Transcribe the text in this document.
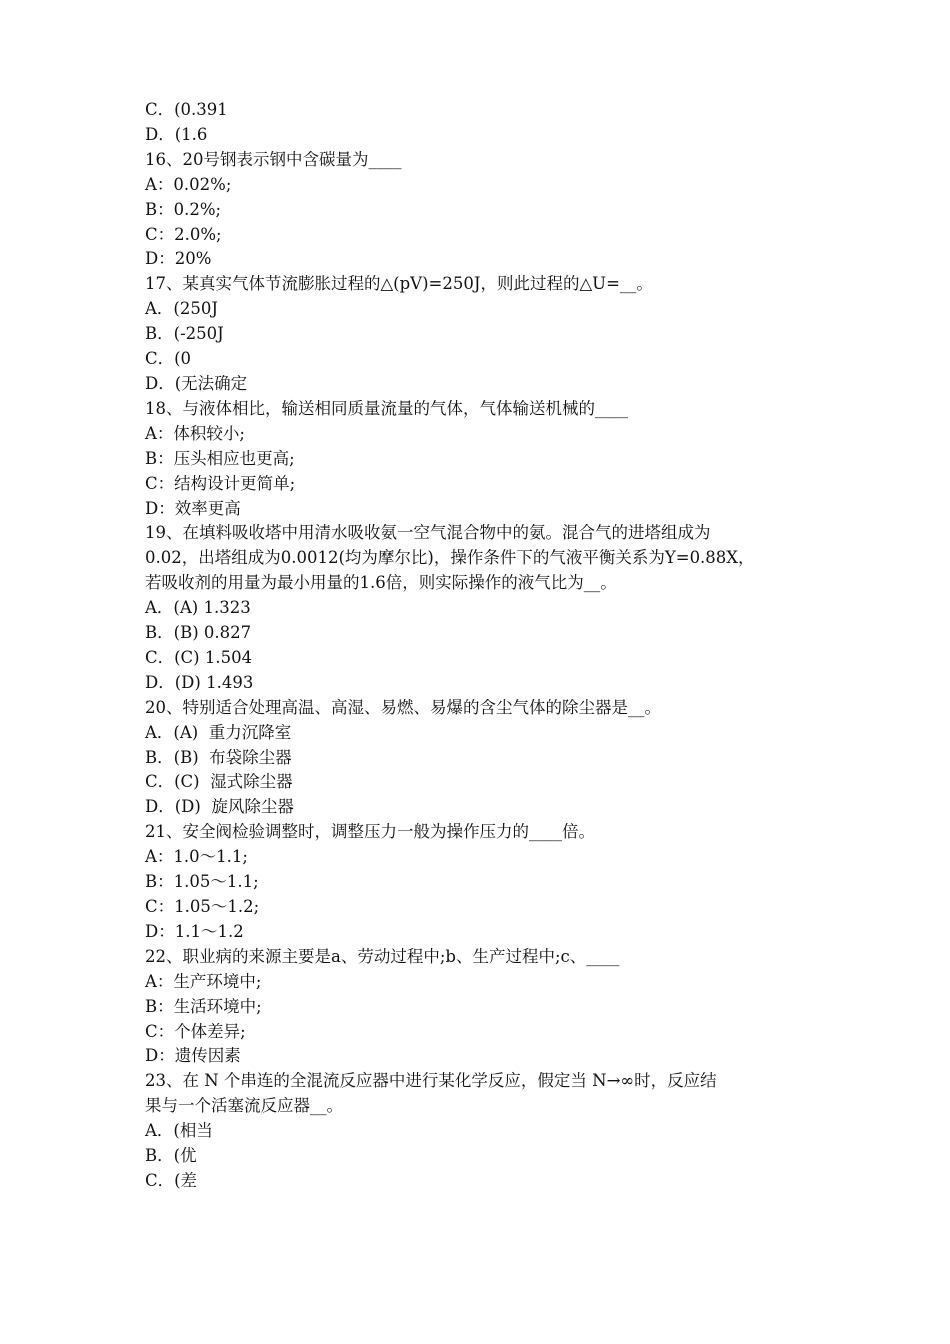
C．(0.391
D．(1.6
16、20号钢表示钢中含碳量为____
A：0.02%;
B：0.2%;
C：2.0%;
D：20%
17、某真实气体节流膨胀过程的△(pV)=250J，则此过程的△U=__。
A．(250J
B．(-250J
C．(0
D．(无法确定
18、与液体相比，输送相同质量流量的气体，气体输送机械的____
A：体积较小;
B：压头相应也更高;
C：结构设计更简单;
D：效率更高
19、在填料吸收塔中用清水吸收氨一空气混合物中的氨。混合气的进塔组成为
0.02，出塔组成为0.0012(均为摩尔比)，操作条件下的气液平衡关系为Y=0.88X，
若吸收剂的用量为最小用量的1.6倍，则实际操作的液气比为__。
A．(A) 1.323
B．(B) 0.827
C．(C) 1.504
D．(D) 1.493
20、特别适合处理高温、高湿、易燃、易爆的含尘气体的除尘器是__。
A．(A)  重力沉降室
B．(B)  布袋除尘器
C．(C)  湿式除尘器
D．(D)  旋风除尘器
21、安全阀检验调整时，调整压力一般为操作压力的____倍。
A：1.0～1.1;
B：1.05～1.1;
C：1.05～1.2;
D：1.1～1.2
22、职业病的来源主要是a、劳动过程中;b、生产过程中;c、____
A：生产环境中;
B：生活环境中;
C：个体差异;
D：遗传因素
23、在 N 个串连的全混流反应器中进行某化学反应，假定当 N→∞时，反应结
果与一个活塞流反应器__。
A．(相当
B．(优
C．(差
